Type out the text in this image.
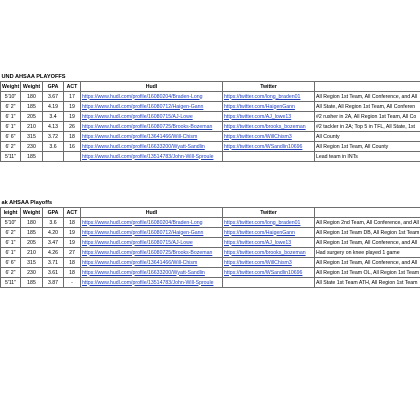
UND AHSAA PLAYOFFS						
Weight	Weight	GPA	ACT	Hudl	Twitter	
5'10"	180	3.67	17	https://www.hudl.com/profile/16080204/Braden-Long	https://twitter.com/long_braden01	All Region 1st Team, All Conference, and All
6' 2"	185	4.19	19	https://www.hudl.com/profile/16080712/Haigen-Gann	https://twitter.com/HaigenGann	All State, All Region 1st Team, All Conferen
6' 1"	205	3.4	19	https://www.hudl.com/profile/16080715/AJ-Lowe	https://twitter.com/AJ_lowe13	#2 rusher in 2A, All Region 1st Team, All Co
6' 1"	210	4.13	26	https://www.hudl.com/profile/16080725/Brooks-Bozeman	https://twitter.com/brooks_bozeman	#2 tackler in 2A; Top 5 in TFL, All State, 1st
6' 6"	315	3.72	18	https://www.hudl.com/profile/13641466/Will-Chism	https://twitter.com/WillChism3	All County
6' 2"	230	3.6	16	https://www.hudl.com/profile/16633200/Wyatt-Sandlin	https://twitter.com/WSandlin10696	All Region 1st Team, All County
5'11"	185			https://www.hudl.com/profile/13514783/John-Will-Sproule		Lead team in INTs
ak AHSAA Playoffs						
leight	Weight	GPA	ACT	Hudl	Twitter	
5'10"	180	3.6	18	https://www.hudl.com/profile/16080204/Braden-Long	https://twitter.com/long_braden01	All Region 2nd Team, All Conference, and All
6' 2"	185	4.20	19	https://www.hudl.com/profile/16080712/Haigen-Gann	https://twitter.com/HaigenGann	All Region 1st Team DB, All Region 1st Team
6' 1"	205	3.47	19	https://www.hudl.com/profile/16080715/AJ-Lowe	https://twitter.com/AJ_lowe13	All Region 1st Team, All Conference, and All
6' 1"	210	4.26	27	https://www.hudl.com/profile/16080725/Brooks-Bozeman	https://twitter.com/brooks_bozeman	Had surgery on knee played 1 game
6' 6"	315	3.71	18	https://www.hudl.com/profile/13641466/Will-Chism	https://twitter.com/WillChism3	All Region 1st Team, All Conference, and All
6' 2"	230	3.61	18	https://www.hudl.com/profile/16633200/Wyatt-Sandlin	https://twitter.com/WSandlin10696	All Region 1st Team OL, All Region 1st Team
5'11"	185	3.87	-	https://www.hudl.com/profile/13514783/John-Will-Sproule		All State 1st Team ATH, All Region 1st Team
